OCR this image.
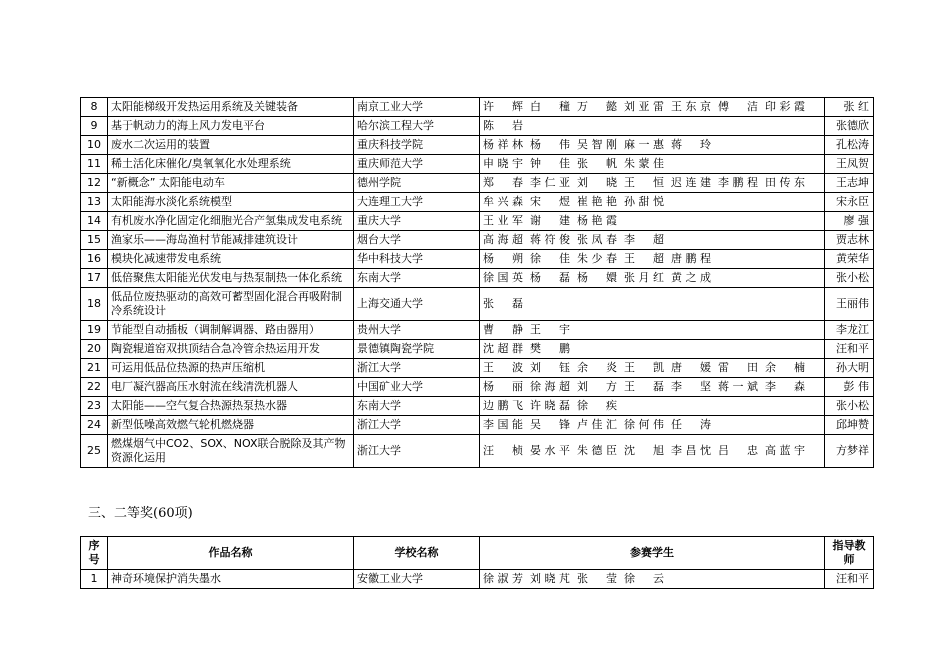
8	太阳能梯级开发热运用系统及关键装备	南京工业大学	许 辉 白 穜 万 懿 刘亚雷 王东京 傅 洁 印彩霞	张 红
9	基于帆动力的海上风力发电平台	哈尔滨工程大学	陈 岩	张德欣
10	废水二次运用的装置	重庆科技学院	杨祥林 杨 伟 吴智刚 麻一惠 蒋 玲	孔松涛
11	稀土活化床催化/臭氧氧化水处理系统	重庆师范大学	申晓宇 钟 佳 张 帆 朱蒙佳	王凤贺
12	“新概念” 太阳能电动车	德州学院	郑 春 李仁亚 刘 晓 王 恒 迟连建 李鹏程 田传东	王志坤
13	太阳能海水淡化系统模型	大连理工大学	牟兴森 宋 煜 崔艳艳 孙甜悦	宋永臣
14	有机废水净化固定化细胞光合产氢集成发电系统	重庆大学	王业军 谢 建 杨艳霞	廖 强
15	渔家乐——海岛渔村节能减排建筑设计	烟台大学	高海超 蒋符俊 张凤春 李 超	贾志林
16	模块化减速带发电系统	华中科技大学	杨 朔 徐 佳 朱少春 王 超 唐鹏程	黄荣华
17	低倍聚焦太阳能光伏发电与热泵制热一体化系统	东南大学	徐国英 杨 磊 杨 嬛 张月红 黄之成	张小松
18	低品位废热驱动的高效可蓄型固化混合再吸附制冷系统设计	上海交通大学	张 磊	王丽伟
19	节能型自动插板（调制解调器、路由器用）	贵州大学	曹 静 王 宇	李龙江
20	陶瓷辊道窑双拱顶结合急冷管余热运用开发	景德镇陶瓷学院	沈超群 樊 鹏	汪和平
21	可运用低品位热源的热声压缩机	浙江大学	王 波 刘 钰 余 炎 王 凯 唐 媛 雷 田 余 楠	孙大明
22	电厂凝汽器高压水射流在线清洗机器人	中国矿业大学	杨 丽 徐海超 刘 方 王 磊 李 坚 蒋一斌 李 森	彭 伟
23	太阳能——空气复合热源热泵热水器	东南大学	边鹏飞 许晓磊 徐 疾	张小松
24	新型低噪高效燃气轮机燃烧器	浙江大学	李国能 吴 锋 卢佳汇 徐何伟 任 涛	邱坤赞
25	燃煤烟气中CO2、SOX、NOX联合脱除及其产物资源化运用	浙江大学	汪 桢 晏水平 朱德臣 沈 旭 李昌忱 吕 忠 高蓝宇	方梦祥
三、二等奖(60项)
序号	作品名称	学校名称	参赛学生	指导教师
1	神奇环境保护消失墨水	安徽工业大学	徐淑芳 刘晓芃 张 莹 徐 云	汪和平
